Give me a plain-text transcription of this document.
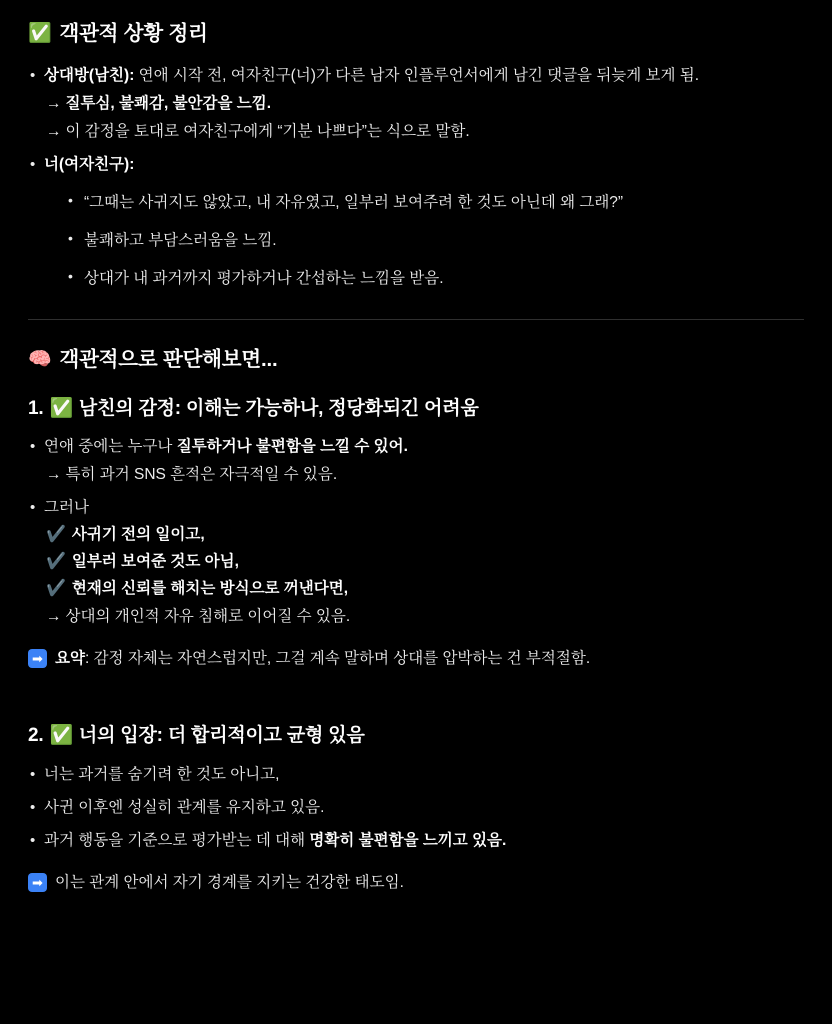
✅ 객관적 상황 정리
• 상대방(남친): 연애 시작 전, 여자친구(너)가 다른 남자 인플루언서에게 남긴 댓글을 뒤늦게 보게 됨.
→ 질투심, 불쾌감, 불안감을 느낌.
→ 이 감정을 토대로 여자친구에게 “기분 나쁘다”는 식으로 말함.
• 너(여자친구):
• “그때는 사귀지도 않았고, 내 자유였고, 일부러 보여주려 한 것도 아닌데 왜 그래?”
• 불쾌하고 부담스러움을 느낌.
• 상대가 내 과거까지 평가하거나 간섭하는 느낌을 받음.
🧠 객관적으로 판단해보면...
1. ✅ 남친의 감정: 이해는 가능하나, 정당화되긴 어려움
• 연애 중에는 누구나 질투하거나 불편함을 느낄 수 있어.
→ 특히 과거 SNS 흔적은 자극적일 수 있음.
• 그러나
✔️ 사귀기 전의 일이고,
✔️ 일부러 보여준 것도 아님,
✔️ 현재의 신뢰를 해치는 방식으로 꺼낸다면,
→ 상대의 개인적 자유 침해로 이어질 수 있음.
➡ 요약: 감정 자체는 자연스럽지만, 그걸 계속 말하며 상대를 압박하는 건 부적절함.
2. ✅ 너의 입장: 더 합리적이고 균형 있음
• 너는 과거를 숨기려 한 것도 아니고,
• 사귄 이후엔 성실히 관계를 유지하고 있음.
• 과거 행동을 기준으로 평가받는 데 대해 명확히 불편함을 느끼고 있음.
➡ 이는 관계 안에서 자기 경계를 지키는 건강한 태도임.
